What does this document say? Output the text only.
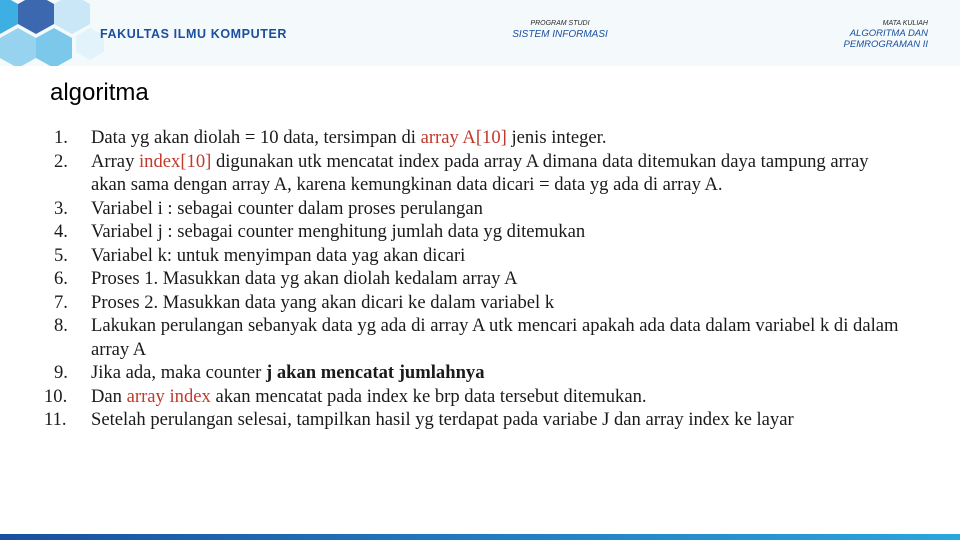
FAKULTAS ILMU KOMPUTER
PROGRAM STUDI
SISTEM INFORMASI
MATA KULIAH
ALGORITMA DAN PEMROGRAMAN II
algoritma
1.	Data yg akan diolah = 10 data, tersimpan di array A[10] jenis integer.
2.	Array index[10] digunakan utk mencatat index pada array A dimana data ditemukan daya tampung array akan sama dengan array A, karena kemungkinan data dicari = data yg ada di array A.
3.	Variabel i : sebagai counter dalam proses perulangan
4.	Variabel j : sebagai counter menghitung jumlah data yg ditemukan
5.	Variabel k: untuk menyimpan data yag akan dicari
6.	Proses 1. Masukkan data yg akan diolah kedalam array A
7.	Proses 2. Masukkan data yang akan dicari ke dalam variabel k
8.	Lakukan perulangan sebanyak data yg ada di array A utk mencari apakah ada data dalam variabel k di dalam array A
9.	Jika ada, maka counter j akan mencatat jumlahnya
10.	Dan array index akan mencatat pada index ke brp data tersebut ditemukan.
11.	Setelah perulangan selesai, tampilkan hasil yg terdapat pada variabe J dan array index ke layar
